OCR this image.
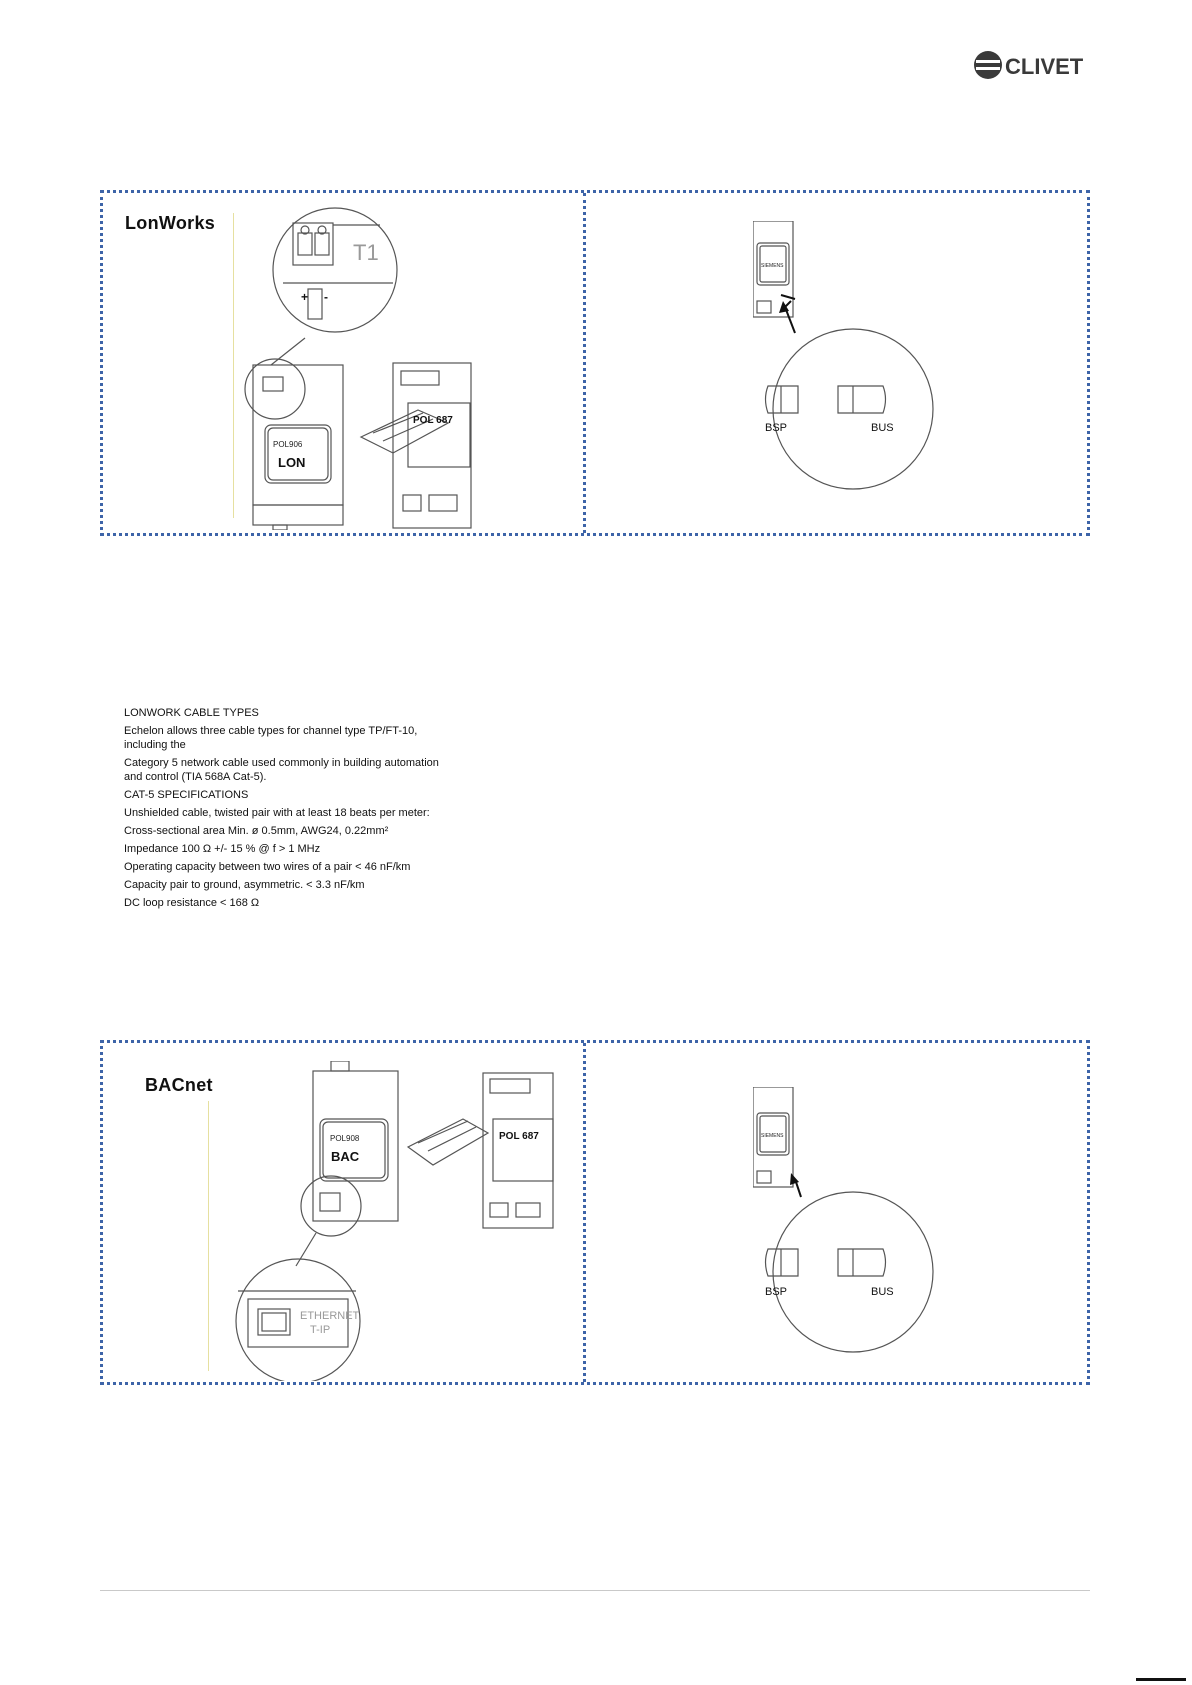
CLIVET
LonWorks
+ -
T1
POL906
LON
POL 687
SIEMENS
BSP	BUS

LONWORK CABLE TYPES

Echelon allows three cable types for channel type TP/FT-10, including the

Category 5 network cable used commonly in building automation and control (TIA 568A Cat-5).

CAT-5 SPECIFICATIONS

Unshielded cable, twisted pair with at least 18 beats per meter:

Cross-sectional area Min. ø 0.5mm, AWG24, 0.22mm²

Impedance 100 Ω +/- 15 % @ f > 1 MHz

Operating capacity between two wires of a pair < 46 nF/km

Capacity pair to ground, asymmetric. < 3.3 nF/km

DC loop resistance < 168 Ω

BACnet
POL908
BAC
POL 687
ETHERNET
T-IP
SIEMENS
BSP	BUS
